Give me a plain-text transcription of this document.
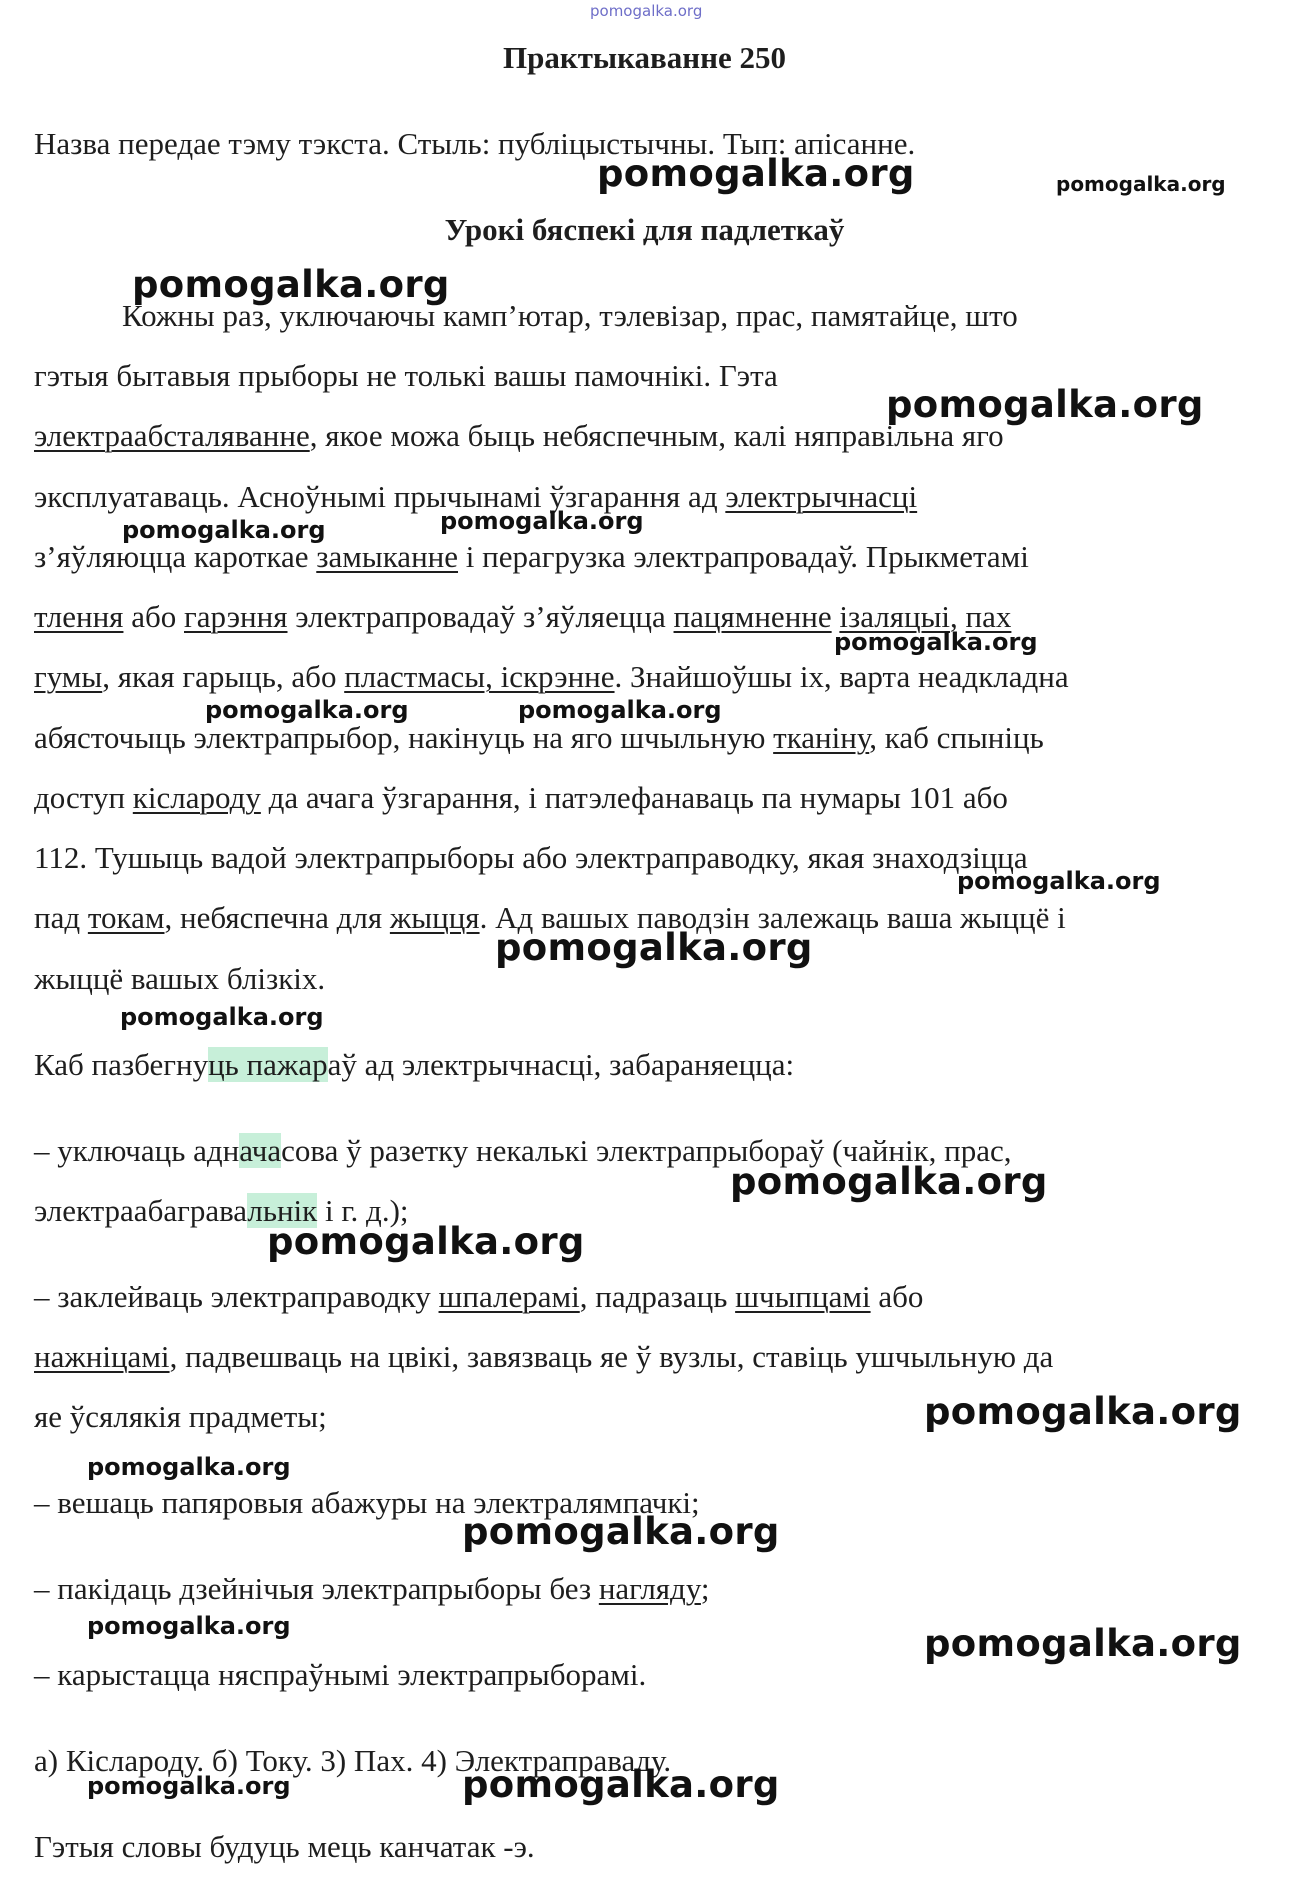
pomogalka.org
Практыкаванне 250
Назва передае тэму тэкста. Стыль: публіцыстычны. Тып: апісанне.
Урокі бяспекі для падлеткаў
Кожны раз, уключаючы камп’ютар, тэлевізар, прас, памятайце, што
гэтыя бытавыя прыборы не толькі вашы памочнікі. Гэта
электраабсталяванне, якое можа быць небяспечным, калі няправільна яго
эксплуатаваць. Асноўнымі прычынамі ўзгарання ад электрычнасці
з’яўляюцца кароткае замыканне і перагрузка электрапровадаў. Прыкметамі
тлення або гарэння электрапровадаў з’яўляецца пацямненне ізаляцыі, пах
гумы, якая гарыць, або пластмасы, іскрэнне. Знайшоўшы іх, варта неадкладна
абясточыць электрапрыбор, накінуць на яго шчыльную тканіну, каб спыніць
доступ кіслароду да ачага ўзгарання, і патэлефанаваць па нумары 101 або
112. Тушыць вадой электрапрыборы або электраправодку, якая знаходзіцца
пад токам, небяспечна для жыцця. Ад вашых паводзін залежаць ваша жыццё і
жыццё вашых блізкіх.
Каб пазбегнуць пажараў ад электрычнасці, забараняецца:
– уключаць адначасова ў разетку некалькі электрапрыбораў (чайнік, прас,
электраабагравальнік і г. д.);
– заклейваць электраправодку шпалерамі, падразаць шчыпцамі або
нажніцамі, падвешваць на цвікі, завязваць яе ў вузлы, ставіць ушчыльную да
яе ўсялякія прадметы;
– вешаць папяровыя абажуры на электралямпачкі;
– пакідаць дзейнічыя электрапрыборы без нагляду;
– карыстацца няспраўнымі электрапрыборамі.
а) Кіслароду. б) Току. 3) Пах. 4) Электраправаду.
Гэтыя словы будуць мець канчатак -э.
pomogalka.org	pomogalka.org
pomogalka.org
pomogalka.org
pomogalka.org	pomogalka.org
pomogalka.org
pomogalka.org	pomogalka.org
pomogalka.org
pomogalka.org
pomogalka.org
pomogalka.org
pomogalka.org
pomogalka.org
pomogalka.org
pomogalka.org
pomogalka.org	pomogalka.org
pomogalka.org	pomogalka.org
